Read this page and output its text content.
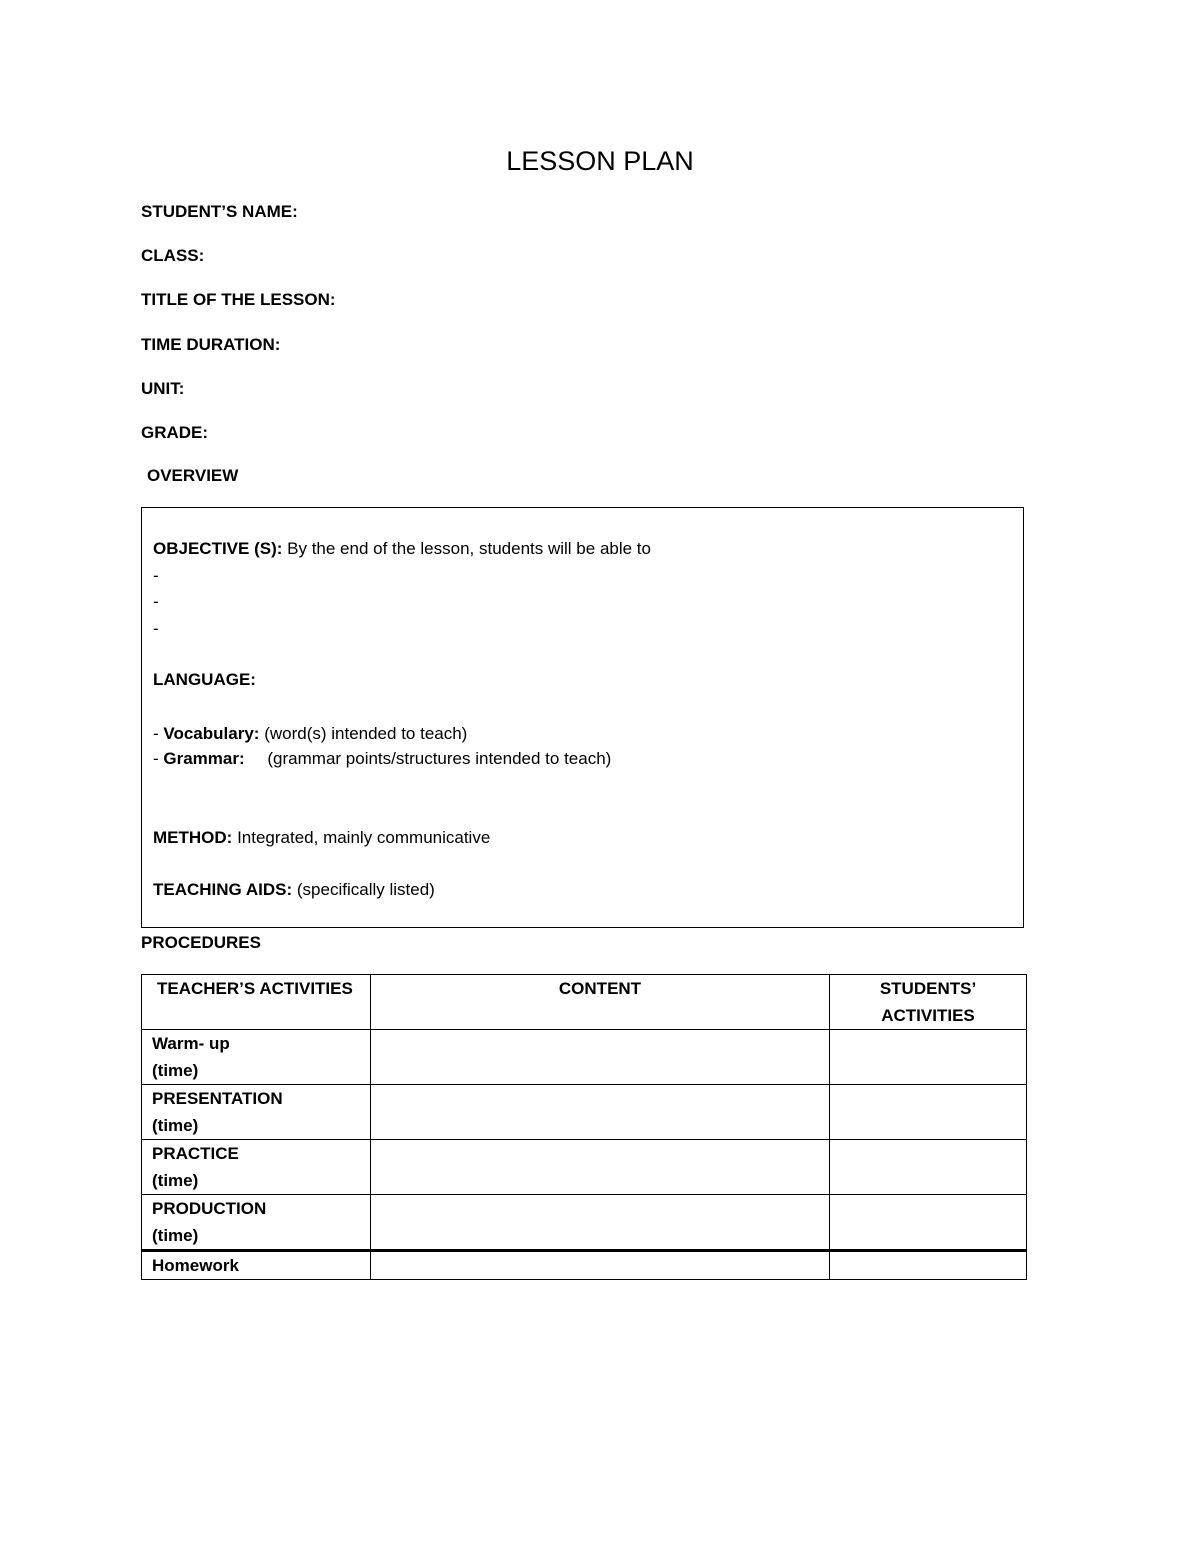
LESSON PLAN
STUDENT’S NAME:
CLASS:
TITLE OF THE LESSON:
TIME DURATION:
UNIT:
GRADE:
OVERVIEW
OBJECTIVE (S): By the end of the lesson, students will be able to
-
-
-
LANGUAGE:
- Vocabulary: (word(s) intended to teach)
- Grammar: (grammar points/structures intended to teach)
METHOD: Integrated, mainly communicative
TEACHING AIDS: (specifically listed)
PROCEDURES
TEACHER’S ACTIVITIES	CONTENT	STUDENTS’ ACTIVITIES

Warm- up
(time)		

PRESENTATION
(time)		

PRACTICE
(time)		

PRODUCTION
(time)		

Homework		
